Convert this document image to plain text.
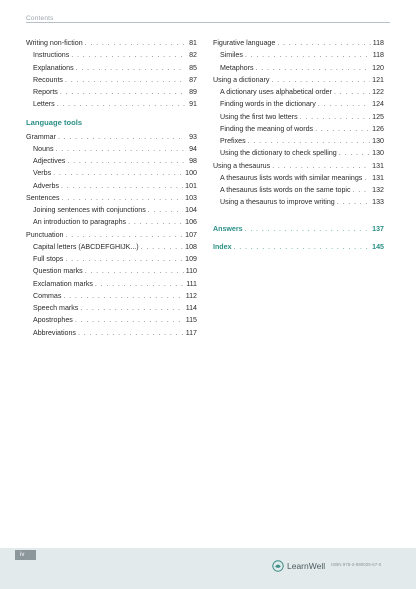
Contents
Writing non-fiction . . .	81
Instructions . . .	82
Explanations . . .	85
Recounts . . .	87
Reports . . .	89
Letters . . .	91
Language tools
Grammar . . .	93
Nouns . . .	94
Adjectives . . .	98
Verbs . . .	100
Adverbs . . .	101
Sentences . . .	103
Joining sentences with conjunctions . . .	104
An introduction to paragraphs . . .	106
Punctuation . . .	107
Capital letters (ABCDEFGHIJK...) . . .	108
Full stops . . .	109
Question marks . . .	110
Exclamation marks . . .	111
Commas . . .	112
Speech marks . . .	114
Apostrophes . . .	115
Abbreviations . . .	117
Figurative language . . .	118
Similes . . .	118
Metaphors . . .	120
Using a dictionary . . .	121
A dictionary uses alphabetical order . . .	122
Finding words in the dictionary . . .	124
Using the first two letters . . .	125
Finding the meaning of words . . .	126
Prefixes . . .	130
Using the dictionary to check spelling . . .	130
Using a thesaurus . . .	131
A thesaurus lists words with similar meanings . . . 131
A thesaurus lists words on the same topic . . .	132
Using a thesaurus to improve writing . . .	133
Answers . . .	137
Index . . .	145
iv
LearnWell ISBN 978-3-990025-67-0
